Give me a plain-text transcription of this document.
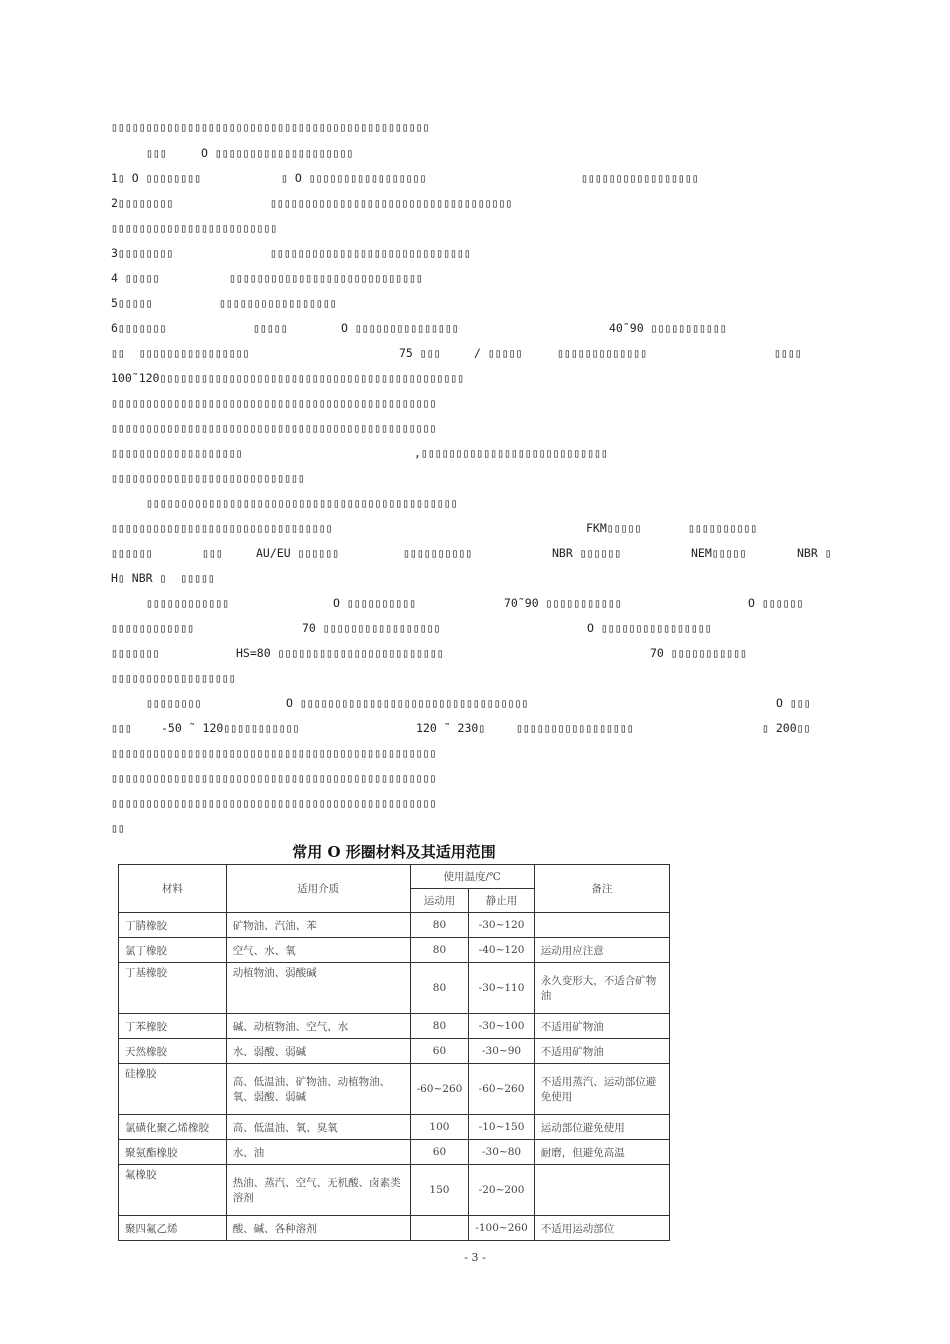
▯▯▯▯▯▯▯▯▯▯▯▯▯▯▯▯▯▯▯▯▯▯▯▯▯▯▯▯▯▯▯▯▯▯▯▯▯▯▯▯▯▯▯▯▯▯

▯▯▯

	O ▯▯▯▯▯▯▯▯▯▯▯▯▯▯▯▯▯▯▯▯

1▯ O ▯▯▯▯▯▯▯▯

	▯ O ▯▯▯▯▯▯▯▯▯▯▯▯▯▯▯▯▯

	▯▯▯▯▯▯▯▯▯▯▯▯▯▯▯▯▯

2▯▯▯▯▯▯▯▯

	▯▯▯▯▯▯▯▯▯▯▯▯▯▯▯▯▯▯▯▯▯▯▯▯▯▯▯▯▯▯▯▯▯▯▯

▯▯▯▯▯▯▯▯▯▯▯▯▯▯▯▯▯▯▯▯▯▯▯▯

3▯▯▯▯▯▯▯▯

	▯▯▯▯▯▯▯▯▯▯▯▯▯▯▯▯▯▯▯▯▯▯▯▯▯▯▯▯▯

4 ▯▯▯▯▯

	▯▯▯▯▯▯▯▯▯▯▯▯▯▯▯▯▯▯▯▯▯▯▯▯▯▯▯▯

5▯▯▯▯▯

	▯▯▯▯▯▯▯▯▯▯▯▯▯▯▯▯▯

6▯▯▯▯▯▯▯

	▯▯▯▯▯

	O ▯▯▯▯▯▯▯▯▯▯▯▯▯▯▯

	40˜90 ▯▯▯▯▯▯▯▯▯▯▯

▯▯  ▯▯▯▯▯▯▯▯▯▯▯▯▯▯▯▯

	75 ▯▯▯

	/ ▯▯▯▯▯

	▯▯▯▯▯▯▯▯▯▯▯▯▯

	▯▯▯▯

100˜120▯▯▯▯▯▯▯▯▯▯▯▯▯▯▯▯▯▯▯▯▯▯▯▯▯▯▯▯▯▯▯▯▯▯▯▯▯▯▯▯▯▯▯▯

▯▯▯▯▯▯▯▯▯▯▯▯▯▯▯▯▯▯▯▯▯▯▯▯▯▯▯▯▯▯▯▯▯▯▯▯▯▯▯▯▯▯▯▯▯▯▯

▯▯▯▯▯▯▯▯▯▯▯▯▯▯▯▯▯▯▯▯▯▯▯▯▯▯▯▯▯▯▯▯▯▯▯▯▯▯▯▯▯▯▯▯▯▯▯

▯▯▯▯▯▯▯▯▯▯▯▯▯▯▯▯▯▯▯

	,▯▯▯▯▯▯▯▯▯▯▯▯▯▯▯▯▯▯▯▯▯▯▯▯▯▯▯

▯▯▯▯▯▯▯▯▯▯▯▯▯▯▯▯▯▯▯▯▯▯▯▯▯▯▯▯

▯▯▯▯▯▯▯▯▯▯▯▯▯▯▯▯▯▯▯▯▯▯▯▯▯▯▯▯▯▯▯▯▯▯▯▯▯▯▯▯▯▯▯▯▯

▯▯▯▯▯▯▯▯▯▯▯▯▯▯▯▯▯▯▯▯▯▯▯▯▯▯▯▯▯▯▯▯

	FKM▯▯▯▯▯

	▯▯▯▯▯▯▯▯▯▯

▯▯▯▯▯▯

	▯▯▯

	AU/EU ▯▯▯▯▯▯

	▯▯▯▯▯▯▯▯▯▯

	NBR ▯▯▯▯▯▯

	NEM▯▯▯▯▯

	NBR ▯

H▯ NBR ▯  ▯▯▯▯▯

▯▯▯▯▯▯▯▯▯▯▯▯

	O ▯▯▯▯▯▯▯▯▯▯

	70˜90 ▯▯▯▯▯▯▯▯▯▯▯

	O ▯▯▯▯▯▯

▯▯▯▯▯▯▯▯▯▯▯▯

	70 ▯▯▯▯▯▯▯▯▯▯▯▯▯▯▯▯▯

	O ▯▯▯▯▯▯▯▯▯▯▯▯▯▯▯▯

▯▯▯▯▯▯▯

	HS=80 ▯▯▯▯▯▯▯▯▯▯▯▯▯▯▯▯▯▯▯▯▯▯▯▯

	70 ▯▯▯▯▯▯▯▯▯▯▯

▯▯▯▯▯▯▯▯▯▯▯▯▯▯▯▯▯▯

▯▯▯▯▯▯▯▯

	O ▯▯▯▯▯▯▯▯▯▯▯▯▯▯▯▯▯▯▯▯▯▯▯▯▯▯▯▯▯▯▯▯▯

	O ▯▯▯

▯▯▯

	-50 ˜ 120▯▯▯▯▯▯▯▯▯▯▯

	120 ˜ 230▯

	▯▯▯▯▯▯▯▯▯▯▯▯▯▯▯▯▯

	▯ 200▯▯

▯▯▯▯▯▯▯▯▯▯▯▯▯▯▯▯▯▯▯▯▯▯▯▯▯▯▯▯▯▯▯▯▯▯▯▯▯▯▯▯▯▯▯▯▯▯▯

▯▯▯▯▯▯▯▯▯▯▯▯▯▯▯▯▯▯▯▯▯▯▯▯▯▯▯▯▯▯▯▯▯▯▯▯▯▯▯▯▯▯▯▯▯▯▯

▯▯▯▯▯▯▯▯▯▯▯▯▯▯▯▯▯▯▯▯▯▯▯▯▯▯▯▯▯▯▯▯▯▯▯▯▯▯▯▯▯▯▯▯▯▯▯

▯▯

常用 O 形圈材料及其适用范围
材料	适用介质	使用温度/℃		备注
		运动用	静止用	
丁腈橡胶	矿物油、汽油、苯	80	-30~120	
氯丁橡胶	空气、水、氧	80	-40~120	运动用应注意
丁基橡胶	动植物油、弱酸碱	80	-30~110	永久变形大，不适合矿物油
丁苯橡胶	碱、动植物油、空气、水	80	-30~100	不适用矿物油
天然橡胶	水、弱酸、弱碱	60	-30~90	不适用矿物油
硅橡胶	高、低温油、矿物油、动植物油、氧、弱酸、弱碱	-60~260	-60~260	不适用蒸汽、运动部位避免使用
氯磺化聚乙烯橡胶	高、低温油、氧、臭氧	100	-10~150	运动部位避免使用
聚氨酯橡胶	水、油	60	-30~80	耐磨，但避免高温
氟橡胶	热油、蒸汽、空气、无机酸、卤素类溶剂	150	-20~200	
聚四氟乙烯	酸、碱、各种溶剂		-100~260	不适用运动部位
- 3 -
